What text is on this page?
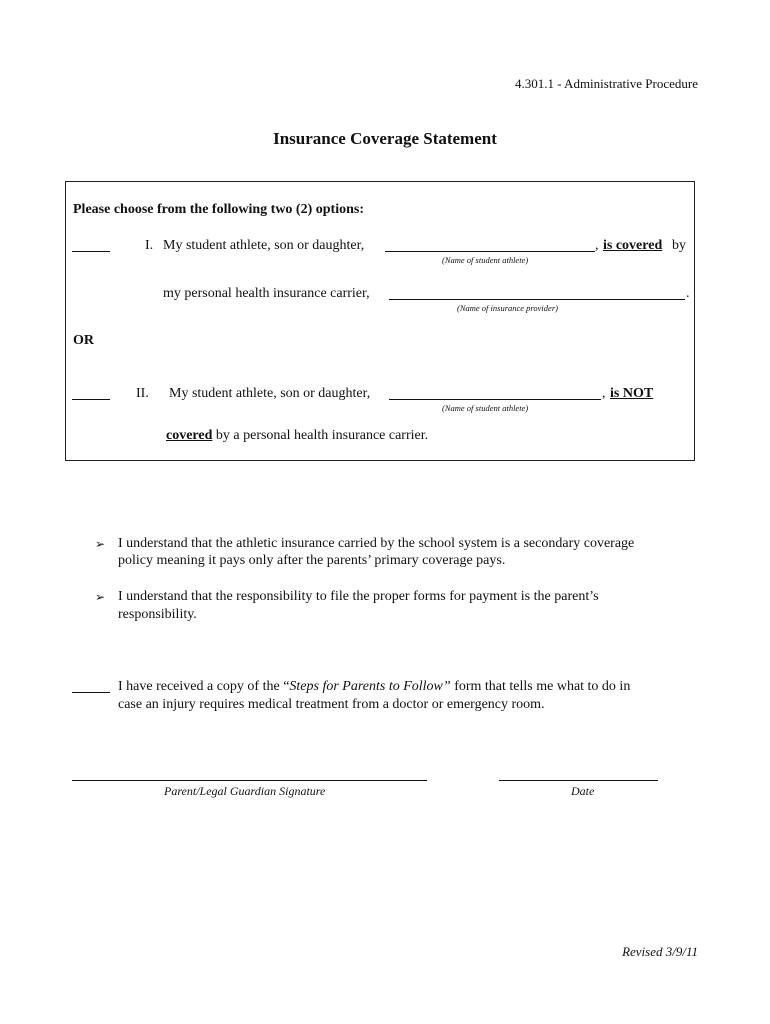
4.301.1 - Administrative Procedure
Insurance Coverage Statement
Please choose from the following two (2) options:
I. My student athlete, son or daughter,	, is covered by
(Name of student athlete)
my personal health insurance carrier,	.
(Name of insurance provider)
OR
II. My student athlete, son or daughter,	, is NOT
(Name of student athlete)
covered by a personal health insurance carrier.
➢ I understand that the athletic insurance carried by the school system is a secondary coverage
policy meaning it pays only after the parents’ primary coverage pays.
➢ I understand that the responsibility to file the proper forms for payment is the parent’s
responsibility.
I have received a copy of the “Steps for Parents to Follow” form that tells me what to do in
case an injury requires medical treatment from a doctor or emergency room.
Parent/Legal Guardian Signature	Date
Revised 3/9/11
